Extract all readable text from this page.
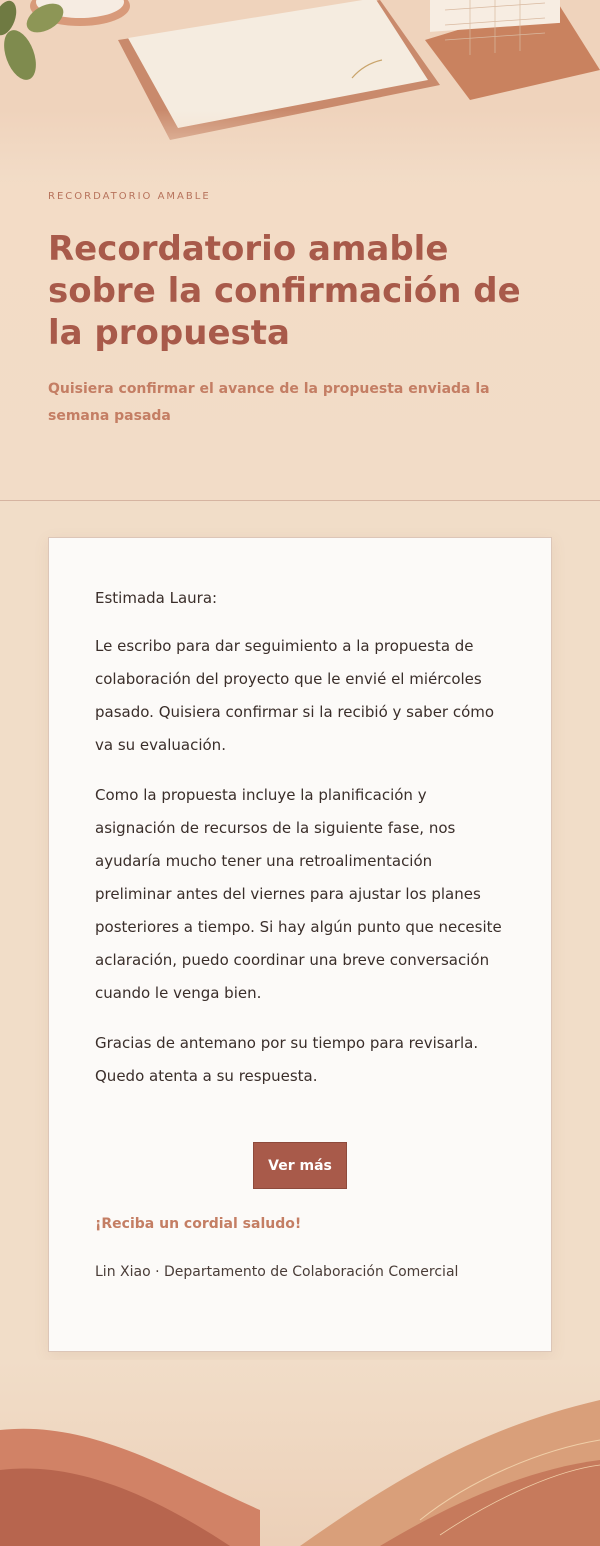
RECORDATORIO AMABLE
Recordatorio amable sobre la confirmación de la propuesta

Quisiera confirmar el avance de la propuesta enviada la semana pasada

Estimada Laura:

Le escribo para dar seguimiento a la propuesta de colaboración del proyecto que le envié el miércoles pasado. Quisiera confirmar si la recibió y saber cómo va su evaluación.

Como la propuesta incluye la planificación y asignación de recursos de la siguiente fase, nos ayudaría mucho tener una retroalimentación preliminar antes del viernes para ajustar los planes posteriores a tiempo. Si hay algún punto que necesite aclaración, puedo coordinar una breve conversación cuando le venga bien.

Gracias de antemano por su tiempo para revisarla. Quedo atenta a su respuesta.

Ver más

¡Reciba un cordial saludo!

Lin Xiao · Departamento de Colaboración Comercial
